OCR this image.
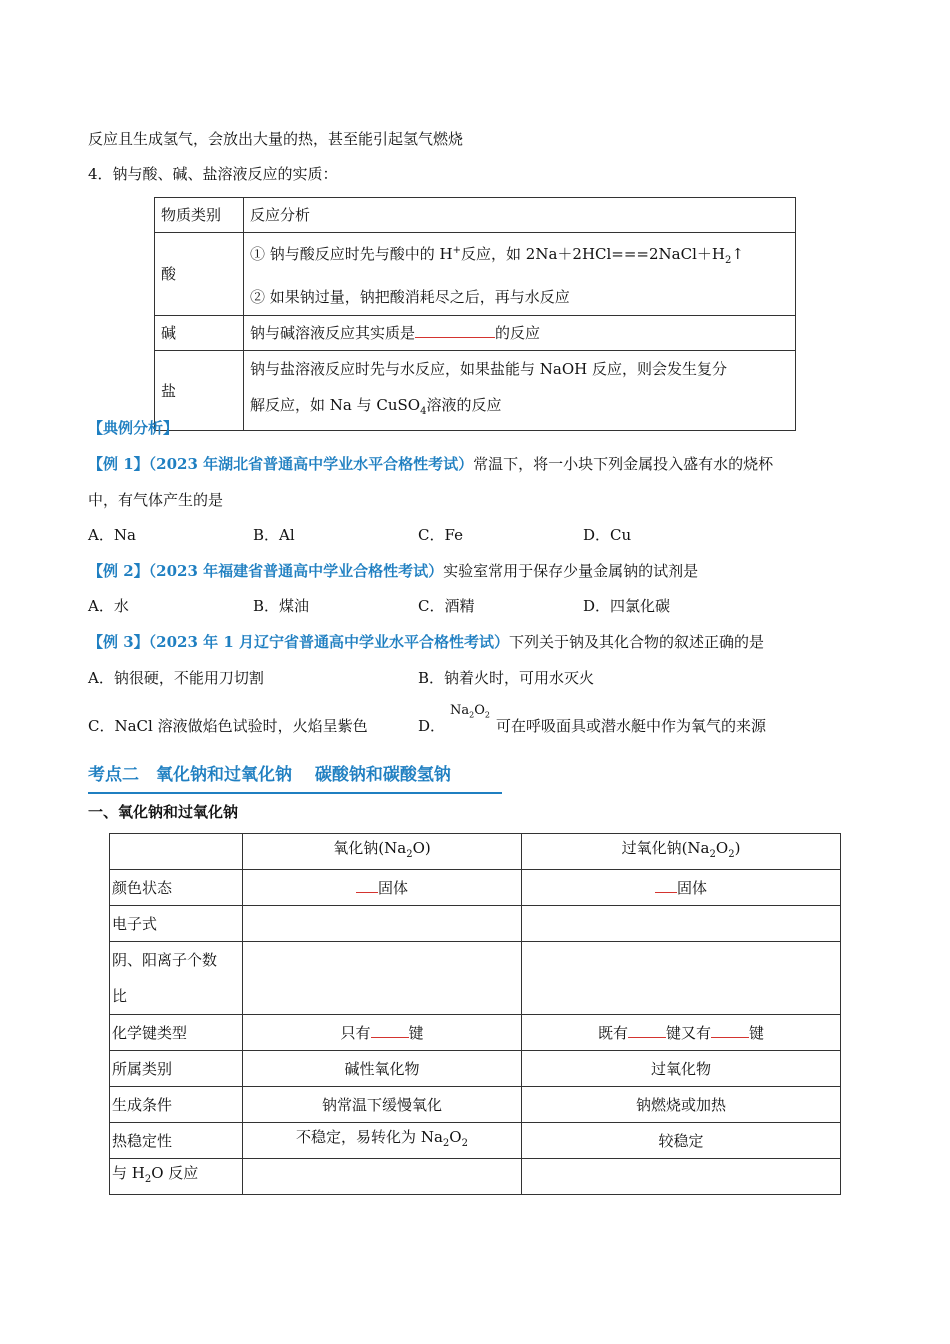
反应且生成氢气，会放出大量的热，甚至能引起氢气燃烧
4．钠与酸、碱、盐溶液反应的实质：
物质类别	反应分析
酸	① 钠与酸反应时先与酸中的 H+反应，如 $2Na+2HCl===2NaCl+H_2↑$
② 如果钠过量，钠把酸消耗尽之后，再与水反应

碱	钠与碱溶液反应其实质是 的反应
盐	钠与盐溶液反应时先与水反应，如果盐能与 NaOH 反应，则会发生复分
解反应，如 Na 与 CuSO$_4$溶液的反应
【典例分析】
【例 1】（2023 年湖北省普通高中学业水平合格性考试）常温下，将一小块下列金属投入盛有水的烧杯
中，有气体产生的是
A．Na	B．Al	C．Fe	D．Cu
【例 2】（2023 年福建省普通高中学业合格性考试）实验室常用于保存少量金属钠的试剂是
A．水	B．煤油	C．酒精	D．四氯化碳
【例 3】（2023 年 1 月辽宁省普通高中学业水平合格性考试）下列关于钠及其化合物的叙述正确的是
A．钠很硬，不能用刀切割	B．钠着火时，可用水灭火
C．NaCl 溶液做焰色试验时，火焰呈紫色	D．
$Na_2O_2$
可在呼吸面具或潜水艇中作为氧气的来源
考点二　氧化钠和过氧化钠　 碳酸钠和碳酸氢钠
一、氧化钠和过氧化钠
	氧化钠$(Na_2O)$	过氧化钠$(Na_2O_2)$
颜色状态	固体	固体
电子式		

阴、阳离子个数
比		

化学键类型	只有 键	既有 键又有 键
所属类别	碱性氧化物	过氧化物
生成条件	钠常温下缓慢氧化	钠燃烧或加热
热稳定性	不稳定，易转化为 $Na_2O_2$	较稳定
与 $H_2O$ 反应		
